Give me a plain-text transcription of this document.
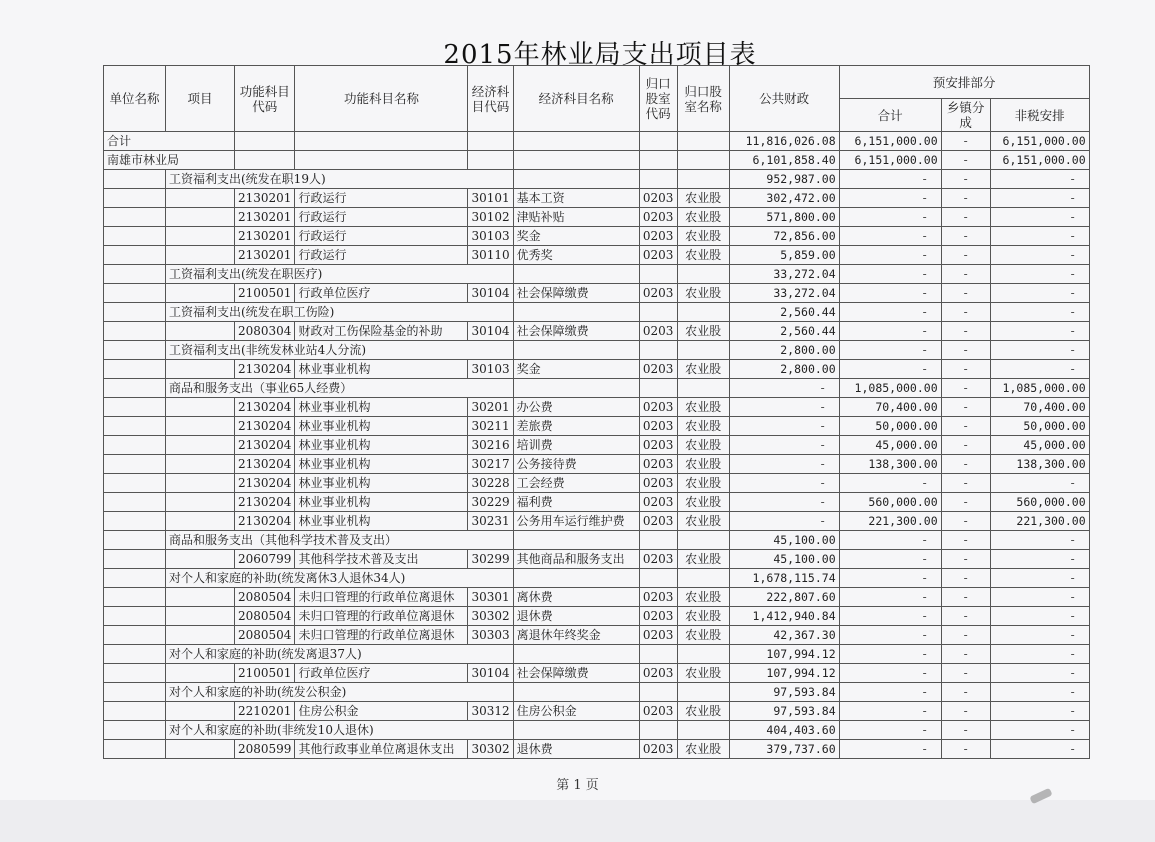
2015年林业局支出项目表
单位名称	项目	功能科目代码	功能科目名称	经济科目代码	经济科目名称	归口股室代码	归口股室名称	公共财政	预安排部分		
									合计	乡镇分成	非税安排
合计								11,816,026.08	6,151,000.00	-	6,151,000.00
南雄市林业局								6,101,858.40	6,151,000.00	-	6,151,000.00
	工资福利支出(统发在职19人)							952,987.00	-	-	-
		2130201	行政运行	30101	基本工资	0203	农业股	302,472.00	-	-	-
		2130201	行政运行	30102	津贴补贴	0203	农业股	571,800.00	-	-	-
		2130201	行政运行	30103	奖金	0203	农业股	72,856.00	-	-	-
		2130201	行政运行	30110	优秀奖	0203	农业股	5,859.00	-	-	-
	工资福利支出(统发在职医疗)							33,272.04	-	-	-
		2100501	行政单位医疗	30104	社会保障缴费	0203	农业股	33,272.04	-	-	-
	工资福利支出(统发在职工伤险)							2,560.44	-	-	-
		2080304	财政对工伤保险基金的补助	30104	社会保障缴费	0203	农业股	2,560.44	-	-	-
	工资福利支出(非统发林业站4人分流)							2,800.00	-	-	-
		2130204	林业事业机构	30103	奖金	0203	农业股	2,800.00	-	-	-
	商品和服务支出（事业65人经费）							-	1,085,000.00	-	1,085,000.00
		2130204	林业事业机构	30201	办公费	0203	农业股	-	70,400.00	-	70,400.00
		2130204	林业事业机构	30211	差旅费	0203	农业股	-	50,000.00	-	50,000.00
		2130204	林业事业机构	30216	培训费	0203	农业股	-	45,000.00	-	45,000.00
		2130204	林业事业机构	30217	公务接待费	0203	农业股	-	138,300.00	-	138,300.00
		2130204	林业事业机构	30228	工会经费	0203	农业股	-	-	-	-
		2130204	林业事业机构	30229	福利费	0203	农业股	-	560,000.00	-	560,000.00
		2130204	林业事业机构	30231	公务用车运行维护费	0203	农业股	-	221,300.00	-	221,300.00
	商品和服务支出（其他科学技术普及支出）							45,100.00	-	-	-
		2060799	其他科学技术普及支出	30299	其他商品和服务支出	0203	农业股	45,100.00	-	-	-
	对个人和家庭的补助(统发离休3人退休34人)							1,678,115.74	-	-	-
		2080504	未归口管理的行政单位离退休	30301	离休费	0203	农业股	222,807.60	-	-	-
		2080504	未归口管理的行政单位离退休	30302	退休费	0203	农业股	1,412,940.84	-	-	-
		2080504	未归口管理的行政单位离退休	30303	离退休年终奖金	0203	农业股	42,367.30	-	-	-
	对个人和家庭的补助(统发离退37人)							107,994.12	-	-	-
		2100501	行政单位医疗	30104	社会保障缴费	0203	农业股	107,994.12	-	-	-
	对个人和家庭的补助(统发公积金)							97,593.84	-	-	-
		2210201	住房公积金	30312	住房公积金	0203	农业股	97,593.84	-	-	-
	对个人和家庭的补助(非统发10人退休)							404,403.60	-	-	-
		2080599	其他行政事业单位离退休支出	30302	退休费	0203	农业股	379,737.60	-	-	-
第 1 页
